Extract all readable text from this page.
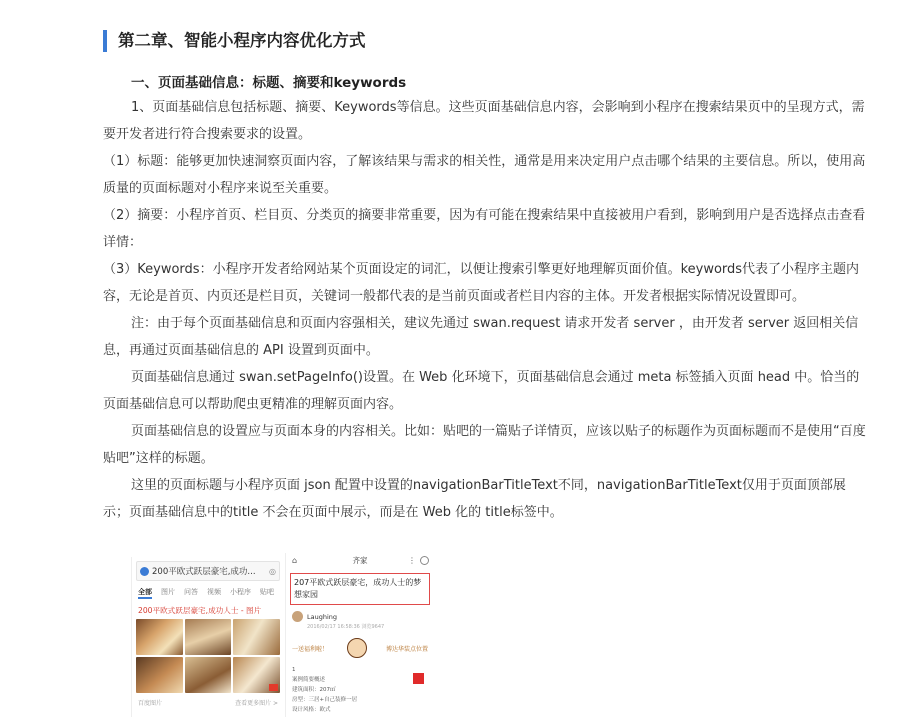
第二章、智能小程序内容优化方式
一、页面基础信息：标题、摘要和keywords

1、页面基础信息包括标题、摘要、Keywords等信息。这些页面基础信息内容，会影响到小程序在搜索结果页中的呈现方式，需要开发者进行符合搜索要求的设置。

（1）标题：能够更加快速洞察页面内容，了解该结果与需求的相关性，通常是用来决定用户点击哪个结果的主要信息。所以，使用高质量的页面标题对小程序来说至关重要。

（2）摘要：小程序首页、栏目页、分类页的摘要非常重要，因为有可能在搜索结果中直接被用户看到，影响到用户是否选择点击查看详情：

（3）Keywords：小程序开发者给网站某个页面设定的词汇，以便让搜索引擎更好地理解页面价值。keywords代表了小程序主题内容，无论是首页、内页还是栏目页，关键词一般都代表的是当前页面或者栏目内容的主体。开发者根据实际情况设置即可。

注：由于每个页面基础信息和页面内容强相关，建议先通过 swan.request 请求开发者 server ，由开发者 server 返回相关信息，再通过页面基础信息的 API 设置到页面中。

页面基础信息通过 swan.setPageInfo()设置。在 Web 化环境下，页面基础信息会通过 meta 标签插入页面 head 中。恰当的页面基础信息可以帮助爬虫更精准的理解页面内容。

页面基础信息的设置应与页面本身的内容相关。比如：贴吧的一篇贴子详情页，应该以贴子的标题作为页面标题而不是使用“百度贴吧”这样的标题。

这里的页面标题与小程序页面 json 配置中设置的navigationBarTitleText不同，navigationBarTitleText仅用于页面顶部展示；页面基础信息中的title 不会在页面中展示，而是在 Web 化的 title标签中。

200平欧式跃层豪宅,成功... ◎
全部 图片 问答 视频 小程序 贴吧
200平欧式跃层豪宅,成功人士 - 图片
百度图片	查看更多图片 >
⌂	齐家	⋮
207平欧式跃层豪宅，成功人士的梦想家园
Laughing
2016/02/17 16:58:36 浏览9647
一送福利啦！	博达华装点位置
1
案例简要概述
建筑面积：207㎡
房型：三居+自己装修一居
设计风格：欧式
